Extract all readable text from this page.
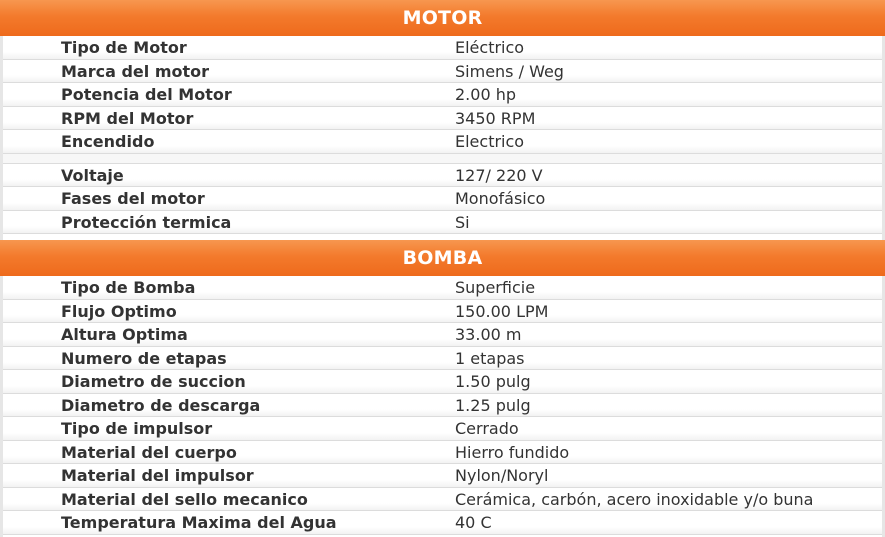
MOTOR
Tipo de Motor	Eléctrico
Marca del motor	Simens / Weg
Potencia del Motor	2.00 hp
RPM del Motor	3450 RPM
Encendido	Electrico
Voltaje	127/ 220 V
Fases del motor	Monofásico
Protección termica	Si
BOMBA
Tipo de Bomba	Superficie
Flujo Optimo	150.00 LPM
Altura Optima	33.00 m
Numero de etapas	1 etapas
Diametro de succion	1.50 pulg
Diametro de descarga	1.25 pulg
Tipo de impulsor	Cerrado
Material del cuerpo	Hierro fundido
Material del impulsor	Nylon/Noryl
Material del sello mecanico	Cerámica, carbón, acero inoxidable y/o buna
Temperatura Maxima del Agua	40 C
